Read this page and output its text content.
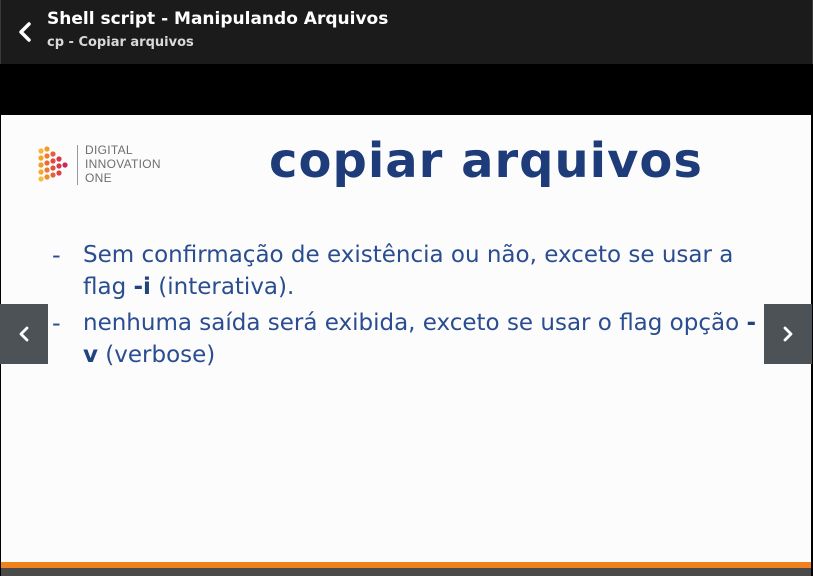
Shell script - Manipulando Arquivos
cp - Copiar arquivos
DIGITAL
INNOVATION
ONE	copiar arquivos
- Sem confirmação de existência ou não, exceto se usar a flag -i (interativa).
- nenhuma saída será exibida, exceto se usar o flag opção -v (verbose)
